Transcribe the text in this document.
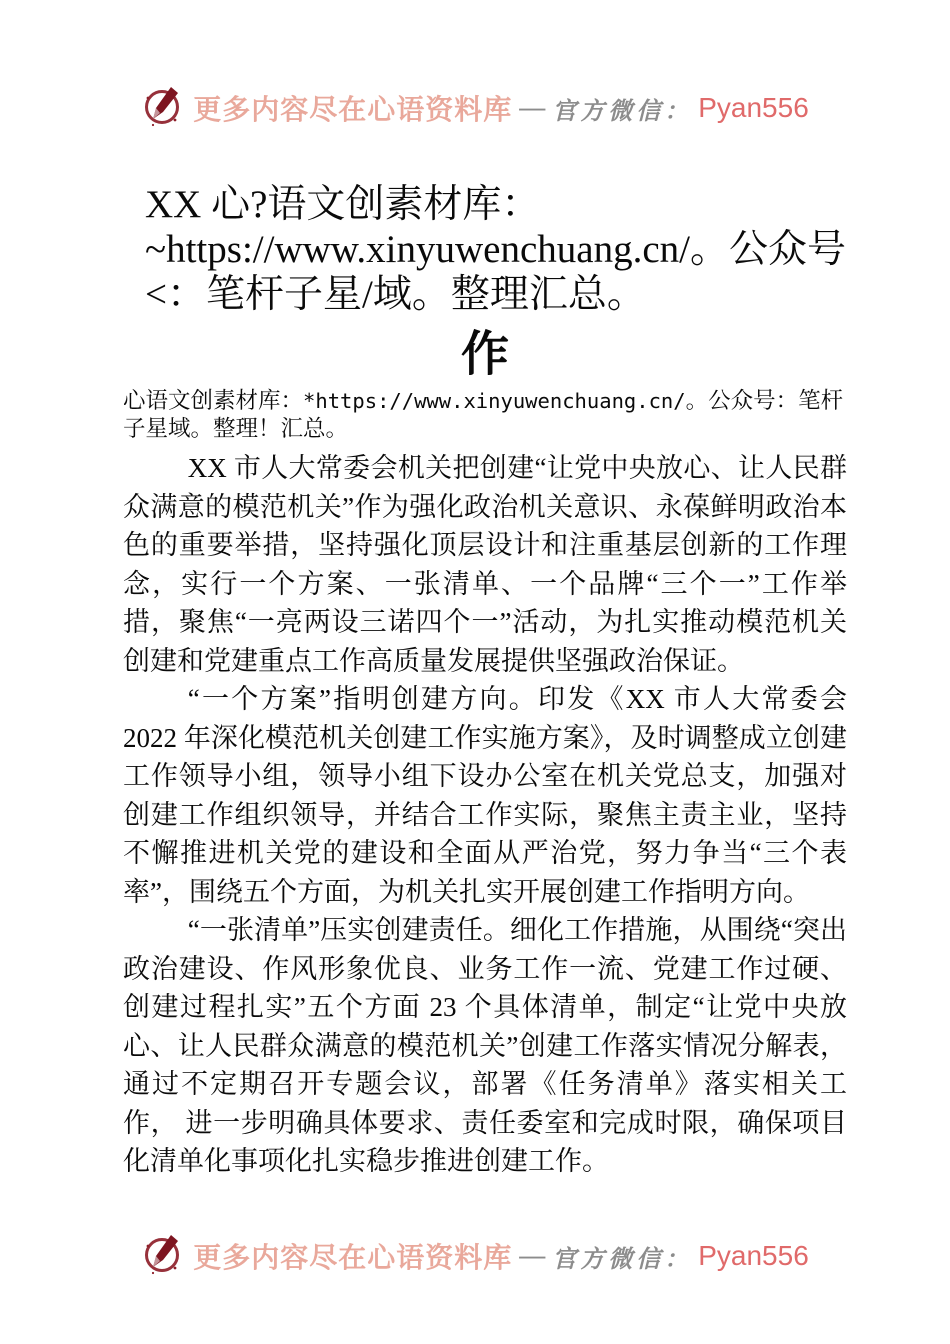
更多内容尽在心语资料库 — 官方微信： Pyan556
XX 心?语文创素材库：~https://www.xinyuwenchuang.cn/。公众号<：笔杆子星/域。整理汇总。
作
心语文创素材库：*https://www.xinyuwenchuang.cn/。公众号：笔杆子星域。整理！汇总。

XX 市人大常委会机关把创建“让党中央放心、让人民群众满意的模范机关”作为强化政治机关意识、永葆鲜明政治本色的重要举措，坚持强化顶层设计和注重基层创新的工作理念，实行一个方案、一张清单、一个品牌“三个一”工作举措，聚焦“一亮两设三诺四个一”活动，为扎实推动模范机关创建和党建重点工作高质量发展提供坚强政治保证。

“一个方案”指明创建方向。印发《XX 市人大常委会2022 年深化模范机关创建工作实施方案》，及时调整成立创建工作领导小组，领导小组下设办公室在机关党总支，加强对创建工作组织领导，并结合工作实际，聚焦主责主业，坚持不懈推进机关党的建设和全面从严治党，努力争当“三个表率”，围绕五个方面，为机关扎实开展创建工作指明方向。

“一张清单”压实创建责任。细化工作措施，从围绕“突出政治建设、作风形象优良、业务工作一流、党建工作过硬、创建过程扎实”五个方面 23 个具体清单，制定“让党中央放心、让人民群众满意的模范机关”创建工作落实情况分解表， 通过不定期召开专题会议，部署《任务清单》落实相关工作， 进一步明确具体要求、责任委室和完成时限，确保项目化清单化事项化扎实稳步推进创建工作。

更多内容尽在心语资料库 — 官方微信： Pyan556
